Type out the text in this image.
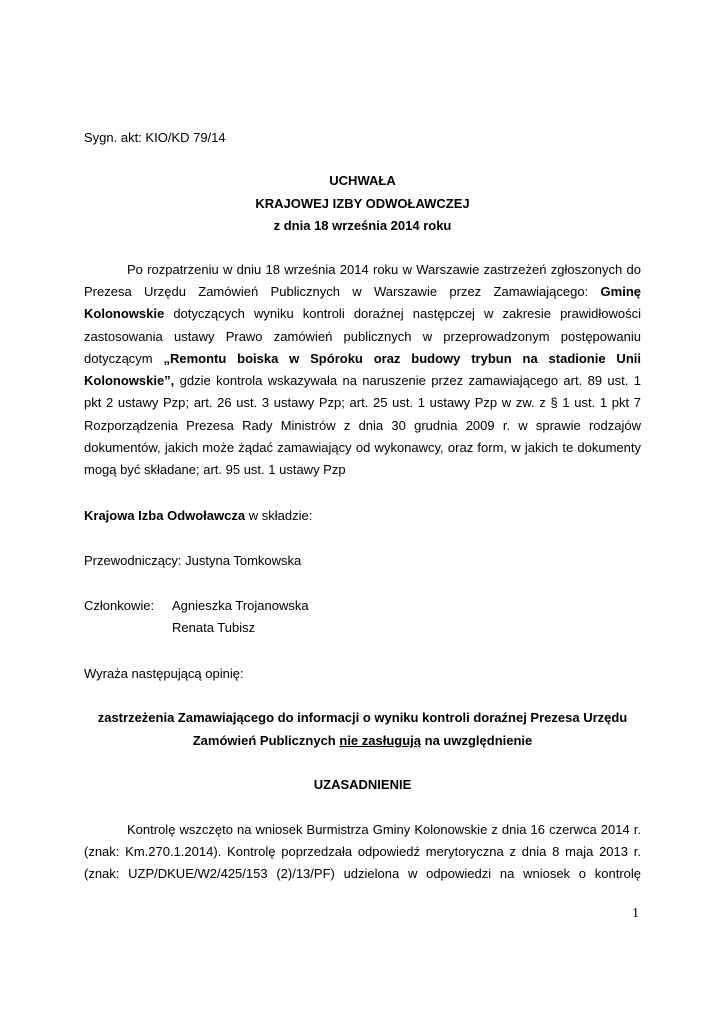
Sygn. akt: KIO/KD 79/14
UCHWAŁA
KRAJOWEJ IZBY ODWOŁAWCZEJ
z dnia 18 września 2014 roku
Po rozpatrzeniu w dniu 18 września 2014 roku w Warszawie zastrzeżeń zgłoszonych do
Prezesa Urzędu Zamówień Publicznych w Warszawie przez Zamawiającego: Gminę
Kolonowskie dotyczących wyniku kontroli doraźnej następczej w zakresie prawidłowości
zastosowania ustawy Prawo zamówień publicznych w przeprowadzonym postępowaniu
dotyczącym „Remontu boiska w Spóroku oraz budowy trybun na stadionie Unii
Kolonowskie”, gdzie kontrola wskazywała na naruszenie przez zamawiającego art. 89 ust. 1
pkt 2 ustawy Pzp; art. 26 ust. 3 ustawy Pzp; art. 25 ust. 1 ustawy Pzp w zw. z § 1 ust. 1 pkt 7
Rozporządzenia Prezesa Rady Ministrów z dnia 30 grudnia 2009 r. w sprawie rodzajów
dokumentów, jakich może żądać zamawiający od wykonawcy, oraz form, w jakich te dokumenty
mogą być składane; art. 95 ust. 1 ustawy Pzp
Krajowa Izba Odwoławcza w składzie:
Przewodniczący: Justyna Tomkowska
Członkowie:	Agnieszka Trojanowska
Renata Tubisz
Wyraża następującą opinię:
zastrzeżenia Zamawiającego do informacji o wyniku kontroli doraźnej Prezesa Urzędu
Zamówień Publicznych nie zasługują na uwzględnienie
UZASADNIENIE
Kontrolę wszczęto na wniosek Burmistrza Gminy Kolonowskie z dnia 16 czerwca 2014 r.
(znak: Km.270.1.2014). Kontrolę poprzedzała odpowiedź merytoryczna z dnia 8 maja 2013 r.
(znak: UZP/DKUE/W2/425/153 (2)/13/PF) udzielona w odpowiedzi na wniosek o kontrolę
1
